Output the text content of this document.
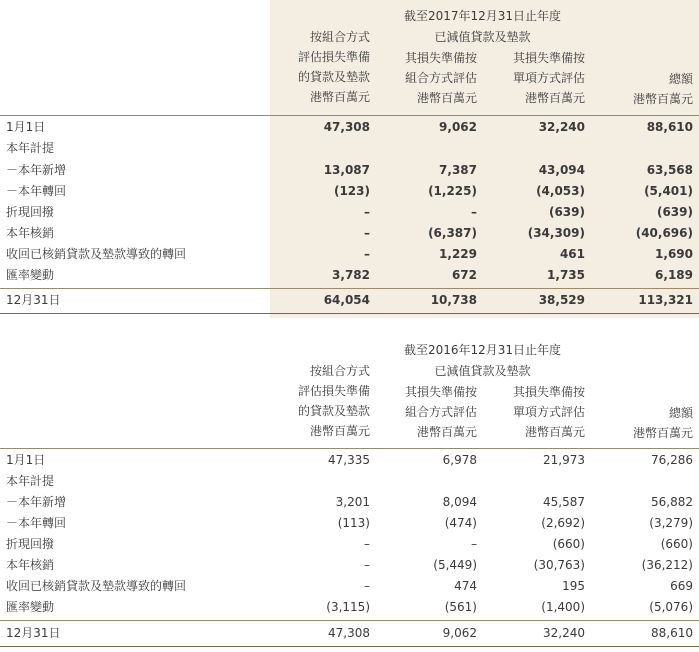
截至2017年12月31日止年度
已減值貸款及墊款
按組合方式
評估損失準備
的貸款及墊款
港幣百萬元
其損失準備按
組合方式評估
港幣百萬元
其損失準備按
單項方式評估
港幣百萬元
總額
港幣百萬元
1月1日	47,308	9,062	32,240	88,610
本年計提
－本年新增	13,087	7,387	43,094	63,568
－本年轉回	(123)	(1,225)	(4,053)	(5,401)
折現回撥	–	–	(639)	(639)
本年核銷	–	(6,387)	(34,309)	(40,696)
收回已核銷貸款及墊款導致的轉回	–	1,229	461	1,690
匯率變動	3,782	672	1,735	6,189
12月31日	64,054	10,738	38,529	113,321
截至2016年12月31日止年度
已減值貸款及墊款
按組合方式
評估損失準備
的貸款及墊款
港幣百萬元
其損失準備按
組合方式評估
港幣百萬元
其損失準備按
單項方式評估
港幣百萬元
總額
港幣百萬元
1月1日	47,335	6,978	21,973	76,286
本年計提
－本年新增	3,201	8,094	45,587	56,882
－本年轉回	(113)	(474)	(2,692)	(3,279)
折現回撥	–	–	(660)	(660)
本年核銷	–	(5,449)	(30,763)	(36,212)
收回已核銷貸款及墊款導致的轉回	–	474	195	669
匯率變動	(3,115)	(561)	(1,400)	(5,076)
12月31日	47,308	9,062	32,240	88,610
